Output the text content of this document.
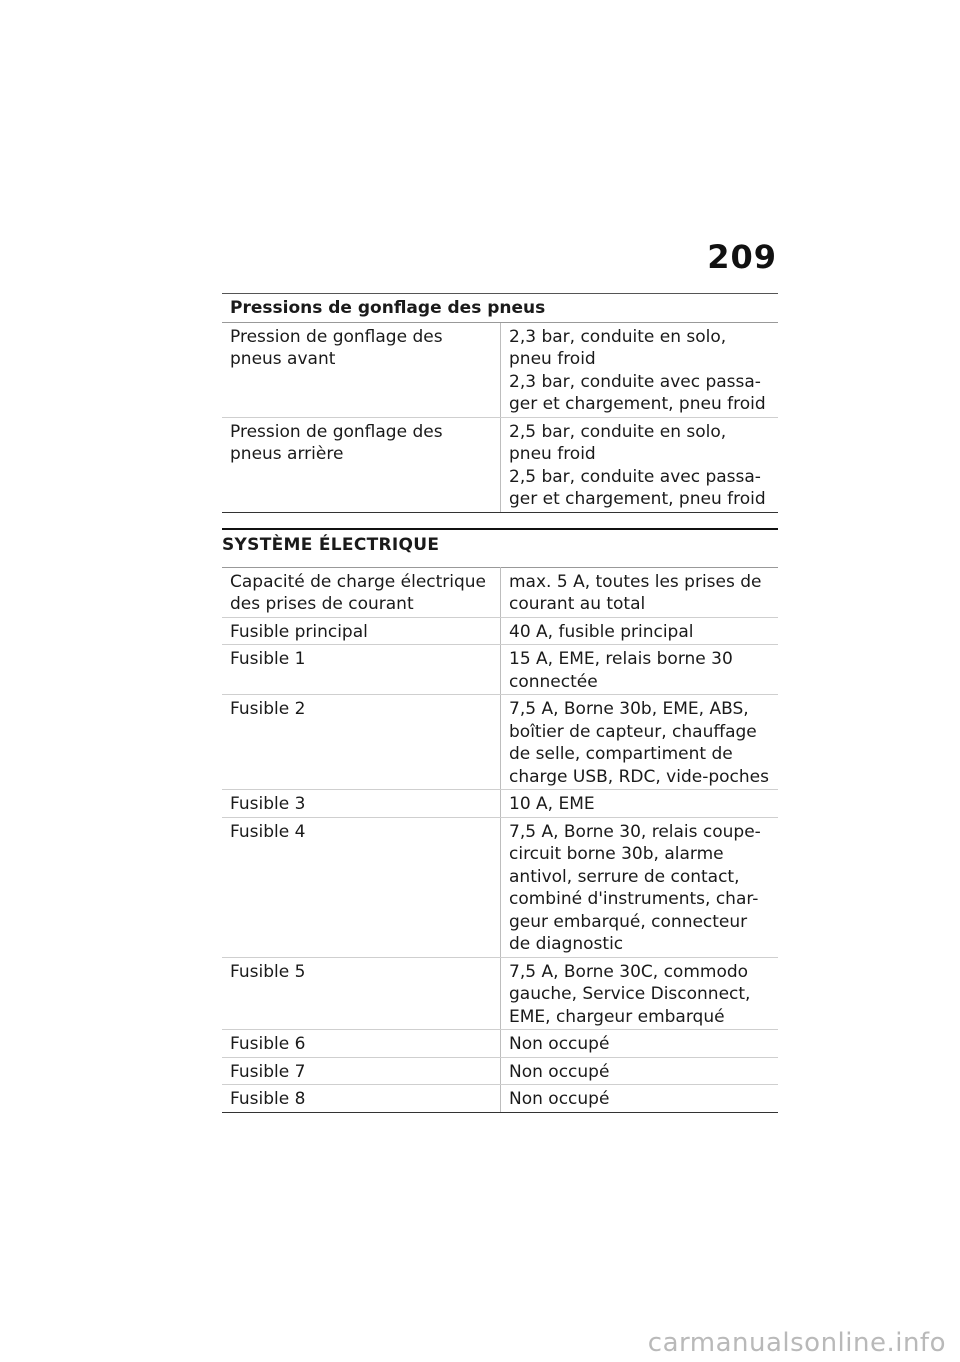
209
Pressions de gonflage des pneus	
Pression de gonflage des pneus avant	2,3 bar, conduite en solo, pneu froid
2,3 bar, conduite avec passa-ger et chargement, pneu froid

Pression de gonflage des pneus arrière	2,5 bar, conduite en solo, pneu froid
2,5 bar, conduite avec passa-ger et chargement, pneu froid
SYSTÈME ÉLECTRIQUE
Capacité de charge électrique des prises de courant	max. 5 A, toutes les prises de courant au total
Fusible principal	40 A, fusible principal
Fusible 1	15 A, EME, relais borne 30 connectée
Fusible 2	7,5 A, Borne 30b, EME, ABS, boîtier de capteur, chauffage de selle, compartiment de charge USB, RDC, vide-poches
Fusible 3	10 A, EME
Fusible 4	7,5 A, Borne 30, relais coupe-circuit borne 30b, alarme antivol, serrure de contact, combiné d'instruments, char-geur embarqué, connecteur de diagnostic
Fusible 5	7,5 A, Borne 30C, commodo gauche, Service Disconnect, EME, chargeur embarqué
Fusible 6	Non occupé
Fusible 7	Non occupé
Fusible 8	Non occupé
carmanualsonline.info
